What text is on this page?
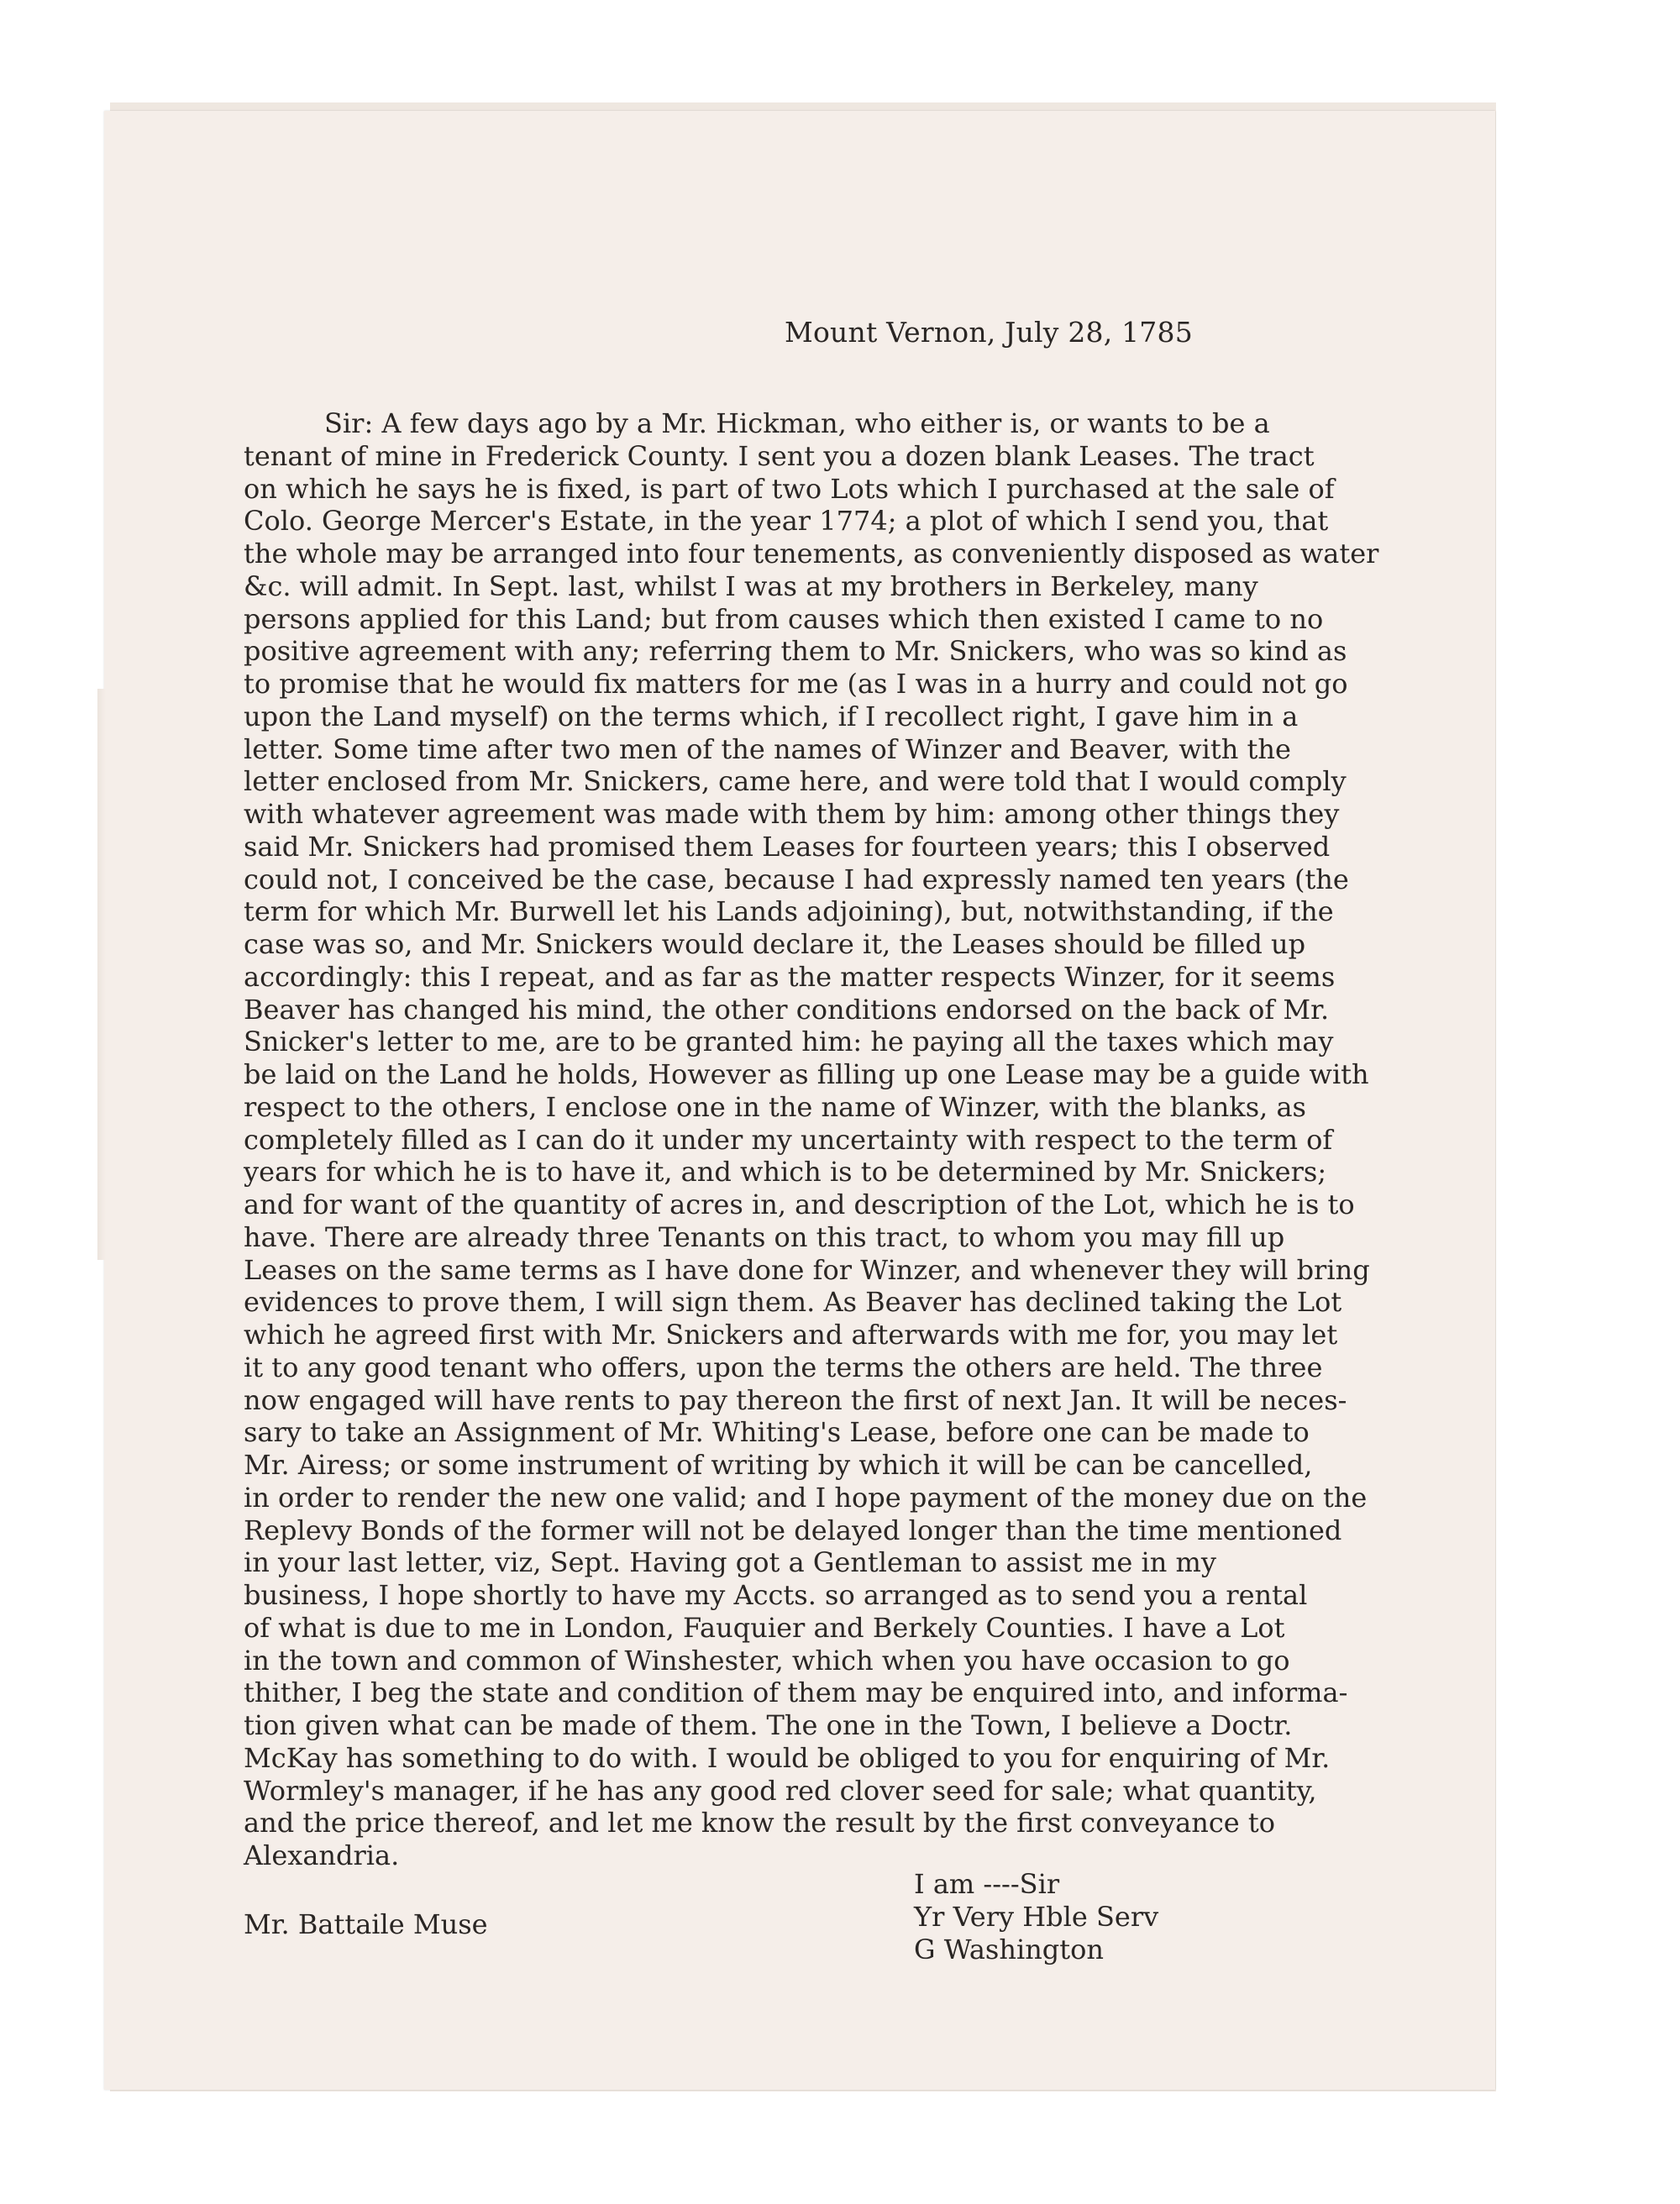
Mount Vernon, July 28, 1785
Sir: A few days ago by a Mr. Hickman, who either is, or wants to be a
tenant of mine in Frederick County. I sent you a dozen blank Leases. The tract
on which he says he is fixed, is part of two Lots which I purchased at the sale of
Colo. George Mercer's Estate, in the year 1774; a plot of which I send you, that
the whole may be arranged into four tenements, as conveniently disposed as water
&c. will admit. In Sept. last, whilst I was at my brothers in Berkeley, many
persons applied for this Land; but from causes which then existed I came to no
positive agreement with any; referring them to Mr. Snickers, who was so kind as
to promise that he would fix matters for me (as I was in a hurry and could not go
upon the Land myself) on the terms which, if I recollect right, I gave him in a
letter. Some time after two men of the names of Winzer and Beaver, with the
letter enclosed from Mr. Snickers, came here, and were told that I would comply
with whatever agreement was made with them by him: among other things they
said Mr. Snickers had promised them Leases for fourteen years; this I observed
could not, I conceived be the case, because I had expressly named ten years (the
term for which Mr. Burwell let his Lands adjoining), but, notwithstanding, if the
case was so, and Mr. Snickers would declare it, the Leases should be filled up
accordingly: this I repeat, and as far as the matter respects Winzer, for it seems
Beaver has changed his mind, the other conditions endorsed on the back of Mr.
Snicker's letter to me, are to be granted him: he paying all the taxes which may
be laid on the Land he holds, However as filling up one Lease may be a guide with
respect to the others, I enclose one in the name of Winzer, with the blanks, as
completely filled as I can do it under my uncertainty with respect to the term of
years for which he is to have it, and which is to be determined by Mr. Snickers;
and for want of the quantity of acres in, and description of the Lot, which he is to
have. There are already three Tenants on this tract, to whom you may fill up
Leases on the same terms as I have done for Winzer, and whenever they will bring
evidences to prove them, I will sign them. As Beaver has declined taking the Lot
which he agreed first with Mr. Snickers and afterwards with me for, you may let
it to any good tenant who offers, upon the terms the others are held. The three
now engaged will have rents to pay thereon the first of next Jan. It will be neces-
sary to take an Assignment of Mr. Whiting's Lease, before one can be made to
Mr. Airess; or some instrument of writing by which it will be can be cancelled,
in order to render the new one valid; and I hope payment of the money due on the
Replevy Bonds of the former will not be delayed longer than the time mentioned
in your last letter, viz, Sept. Having got a Gentleman to assist me in my
business, I hope shortly to have my Accts. so arranged as to send you a rental
of what is due to me in London, Fauquier and Berkely Counties. I have a Lot
in the town and common of Winshester, which when you have occasion to go
thither, I beg the state and condition of them may be enquired into, and informa-
tion given what can be made of them. The one in the Town, I believe a Doctr.
McKay has something to do with. I would be obliged to you for enquiring of Mr.
Wormley's manager, if he has any good red clover seed for sale; what quantity,
and the price thereof, and let me know the result by the first conveyance to
Alexandria.
Mr. Battaile Muse
I am ----Sir
Yr Very Hble Serv
G Washington
